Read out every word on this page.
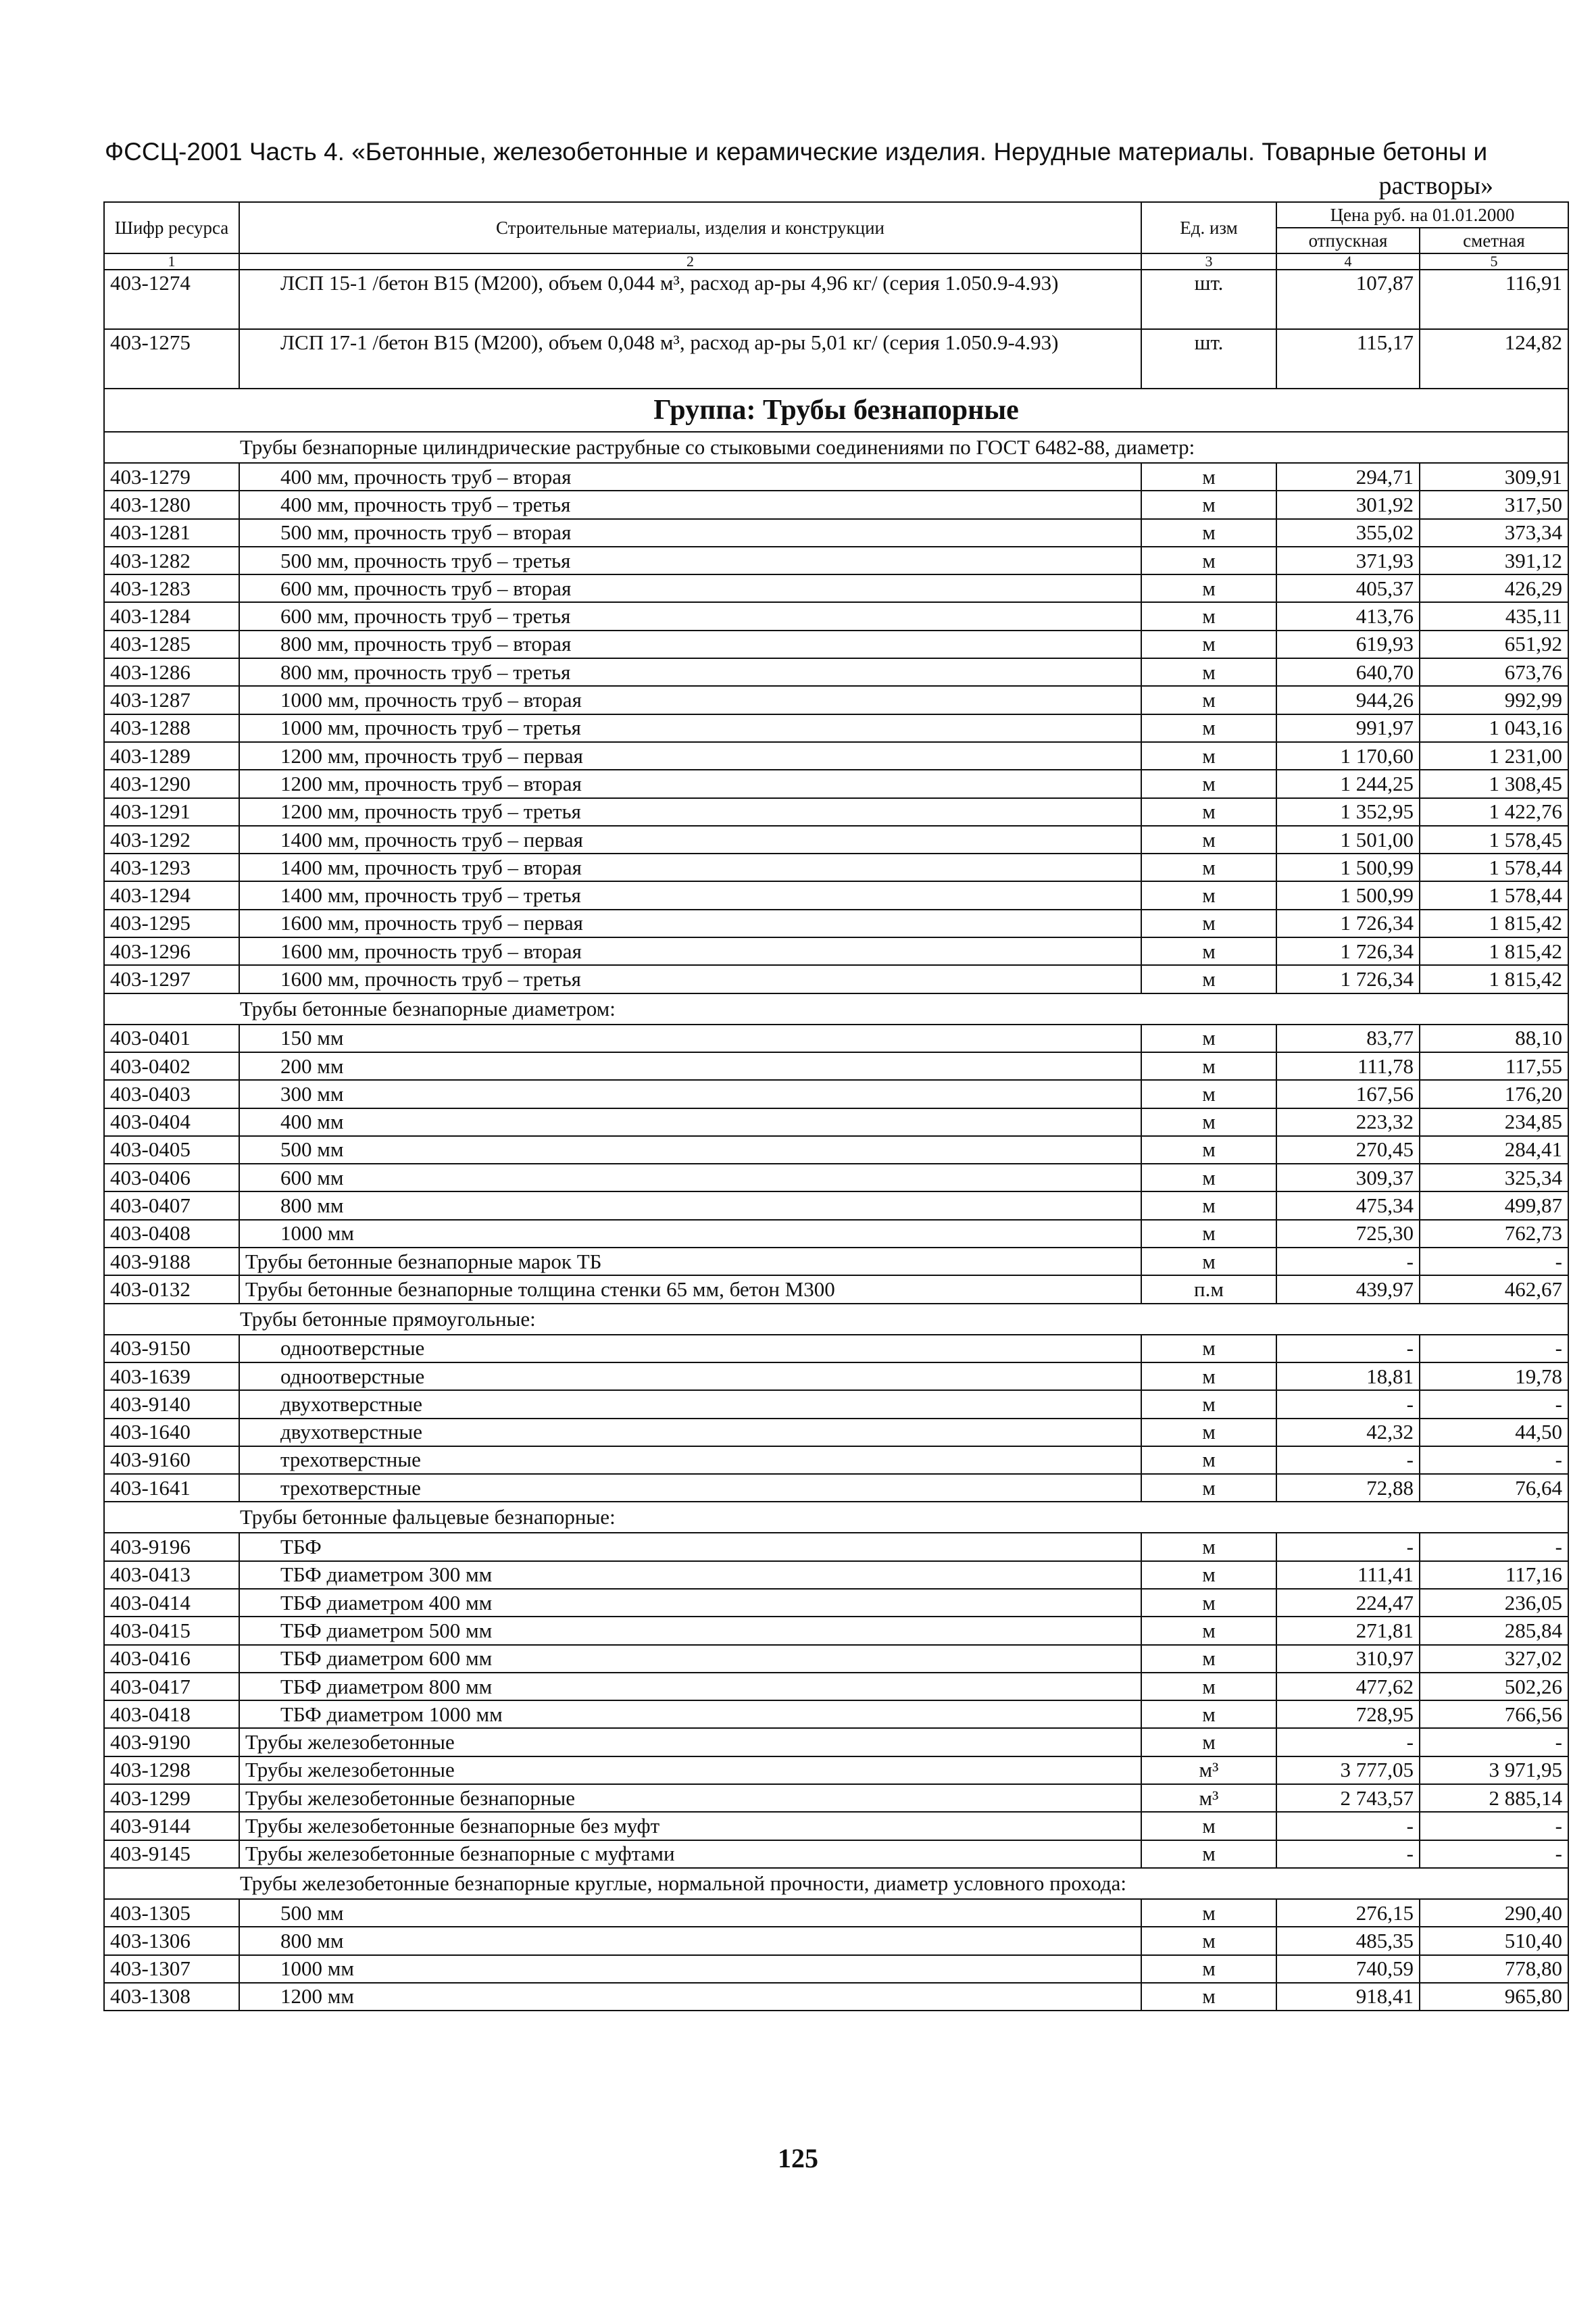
ФССЦ-2001 Часть 4. «Бетонные, железобетонные и керамические изделия. Нерудные материалы. Товарные бетоны и
растворы»
Шифр ресурса	Строительные материалы, изделия и конструкции	Ед. изм	Цена руб. на 01.01.2000	
			отпускная	сметная
1	2	3	4	5
403-1274	ЛСП 15-1 /бетон В15 (М200), объем 0,044 м³, расход ар-ры 4,96 кг/ (серия 1.050.9-4.93)	шт.	107,87	116,91
403-1275	ЛСП 17-1 /бетон В15 (М200), объем 0,048 м³, расход ар-ры 5,01 кг/ (серия 1.050.9-4.93)	шт.	115,17	124,82
Группа: Трубы безнапорные				
Трубы безнапорные цилиндрические раструбные со стыковыми соединениями по ГОСТ 6482-88, диаметр:				
403-1279	400 мм, прочность труб – вторая	м	294,71	309,91
403-1280	400 мм, прочность труб – третья	м	301,92	317,50
403-1281	500 мм, прочность труб – вторая	м	355,02	373,34
403-1282	500 мм, прочность труб – третья	м	371,93	391,12
403-1283	600 мм, прочность труб – вторая	м	405,37	426,29
403-1284	600 мм, прочность труб – третья	м	413,76	435,11
403-1285	800 мм, прочность труб – вторая	м	619,93	651,92
403-1286	800 мм, прочность труб – третья	м	640,70	673,76
403-1287	1000 мм, прочность труб – вторая	м	944,26	992,99
403-1288	1000 мм, прочность труб – третья	м	991,97	1 043,16
403-1289	1200 мм, прочность труб – первая	м	1 170,60	1 231,00
403-1290	1200 мм, прочность труб – вторая	м	1 244,25	1 308,45
403-1291	1200 мм, прочность труб – третья	м	1 352,95	1 422,76
403-1292	1400 мм, прочность труб – первая	м	1 501,00	1 578,45
403-1293	1400 мм, прочность труб – вторая	м	1 500,99	1 578,44
403-1294	1400 мм, прочность труб – третья	м	1 500,99	1 578,44
403-1295	1600 мм, прочность труб – первая	м	1 726,34	1 815,42
403-1296	1600 мм, прочность труб – вторая	м	1 726,34	1 815,42
403-1297	1600 мм, прочность труб – третья	м	1 726,34	1 815,42
Трубы бетонные безнапорные диаметром:				
403-0401	150 мм	м	83,77	88,10
403-0402	200 мм	м	111,78	117,55
403-0403	300 мм	м	167,56	176,20
403-0404	400 мм	м	223,32	234,85
403-0405	500 мм	м	270,45	284,41
403-0406	600 мм	м	309,37	325,34
403-0407	800 мм	м	475,34	499,87
403-0408	1000 мм	м	725,30	762,73
403-9188	Трубы бетонные безнапорные марок ТБ	м	-	-
403-0132	Трубы бетонные безнапорные толщина стенки 65 мм, бетон М300	п.м	439,97	462,67
Трубы бетонные прямоугольные:				
403-9150	одноотверстные	м	-	-
403-1639	одноотверстные	м	18,81	19,78
403-9140	двухотверстные	м	-	-
403-1640	двухотверстные	м	42,32	44,50
403-9160	трехотверстные	м	-	-
403-1641	трехотверстные	м	72,88	76,64
Трубы бетонные фальцевые безнапорные:				
403-9196	ТБФ	м	-	-
403-0413	ТБФ диаметром 300 мм	м	111,41	117,16
403-0414	ТБФ диаметром 400 мм	м	224,47	236,05
403-0415	ТБФ диаметром 500 мм	м	271,81	285,84
403-0416	ТБФ диаметром 600 мм	м	310,97	327,02
403-0417	ТБФ диаметром 800 мм	м	477,62	502,26
403-0418	ТБФ диаметром 1000 мм	м	728,95	766,56
403-9190	Трубы железобетонные	м	-	-
403-1298	Трубы железобетонные	м³	3 777,05	3 971,95
403-1299	Трубы железобетонные безнапорные	м³	2 743,57	2 885,14
403-9144	Трубы железобетонные безнапорные без муфт	м	-	-
403-9145	Трубы железобетонные безнапорные с муфтами	м	-	-
Трубы железобетонные безнапорные круглые, нормальной прочности, диаметр условного прохода:				
403-1305	500 мм	м	276,15	290,40
403-1306	800 мм	м	485,35	510,40
403-1307	1000 мм	м	740,59	778,80
403-1308	1200 мм	м	918,41	965,80
125
